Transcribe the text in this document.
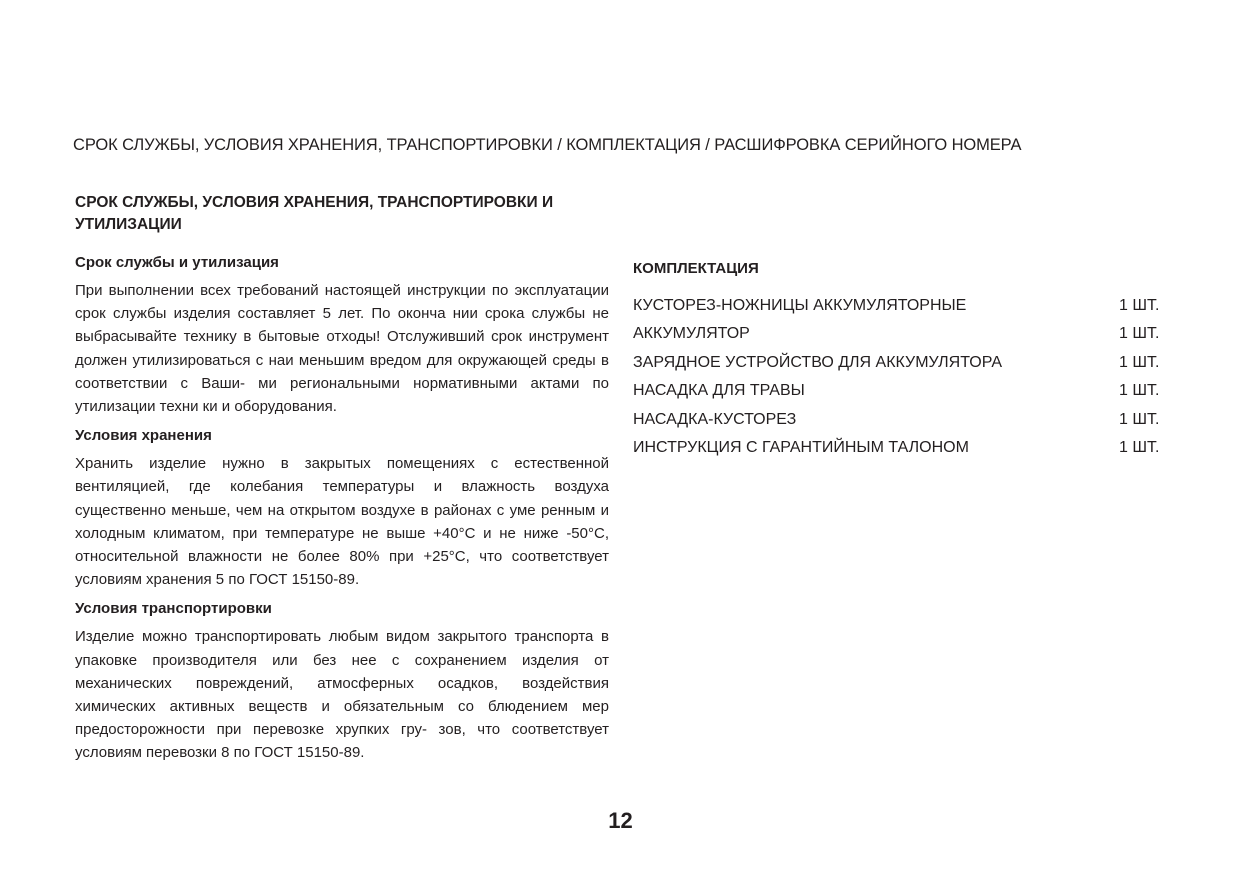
СРОК СЛУЖБЫ, УСЛОВИЯ ХРАНЕНИЯ, ТРАНСПОРТИРОВКИ / КОМПЛЕКТАЦИЯ / РАСШИФРОВКА СЕРИЙНОГО НОМЕРА
СРОК СЛУЖБЫ, УСЛОВИЯ ХРАНЕНИЯ, ТРАНСПОРТИРОВКИ И УТИЛИЗАЦИИ
Срок службы и утилизация
При выполнении всех требований настоящей инструкции по эксплуатации срок службы изделия составляет 5 лет. По оконча нии срока службы не выбрасывайте технику в бытовые отходы! Отслуживший срок инструмент должен утилизироваться с наи меньшим вредом для окружающей среды в соответствии с Ваши- ми региональными нормативными актами по утилизации техни ки и оборудования.
Условия хранения
Хранить изделие нужно в закрытых помещениях с естественной вентиляцией, где колебания температуры и влажность воздуха существенно меньше, чем на открытом воздухе в районах с уме ренным и холодным климатом, при температуре не выше +40°С и не ниже -50°С, относительной влажности не более 80% при +25°С, что соответствует условиям хранения 5 по ГОСТ 15150-89.
Условия транспортировки
Изделие можно транспортировать любым видом закрытого транспорта в упаковке производителя или без нее с сохранением изделия от механических повреждений, атмосферных осадков, воздействия химических активных веществ и обязательным со блюдением мер предосторожности при перевозке хрупких гру- зов, что соответствует условиям перевозки 8 по ГОСТ 15150-89.
КОМПЛЕКТАЦИЯ
КУСТОРЕЗ-НОЖНИЦЫ АККУМУЛЯТОРНЫЕ	1 ШТ.
АККУМУЛЯТОР	1 ШТ.
ЗАРЯДНОЕ УСТРОЙСТВО ДЛЯ АККУМУЛЯТОРА	1 ШТ.
НАСАДКА ДЛЯ ТРАВЫ	1 ШТ.
НАСАДКА-КУСТОРЕЗ	1 ШТ.
ИНСТРУКЦИЯ С ГАРАНТИЙНЫМ ТАЛОНОМ	1 ШТ.
12
